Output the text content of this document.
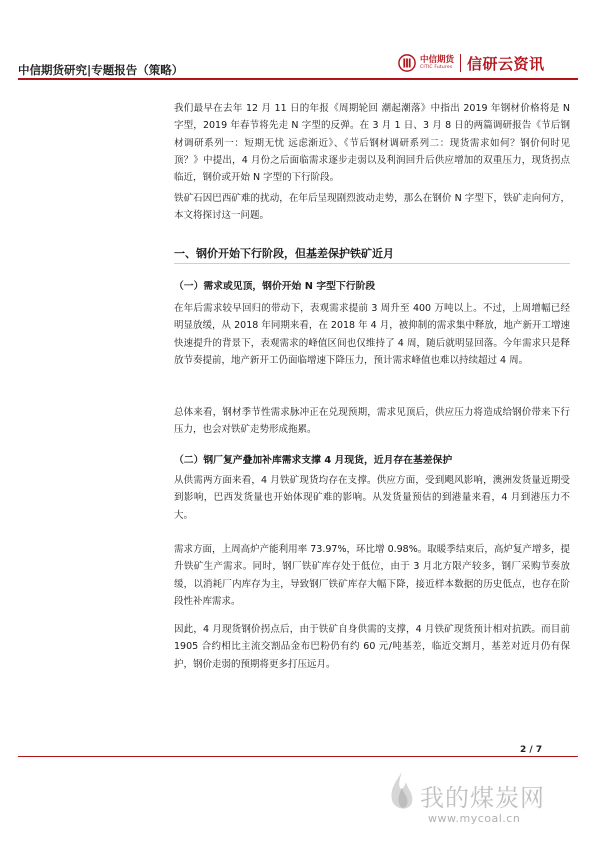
中信期货研究|专题报告（策略）
中信期货
CITIC Futures 信研云资讯

我们最早在去年 12 月 11 日的年报《周期轮回 潮起潮落》中指出 2019 年钢材价格将是 N 字型，2019 年春节将先走 N 字型的反弹。在 3 月 1 日、3 月 8 日的两篇调研报告《节后钢材调研系列一：短期无忧 远虑渐近》、《节后钢材调研系列二：现货需求如何？钢价何时见顶？》中提出，4 月份之后面临需求逐步走弱以及利润回升后供应增加的双重压力，现货拐点临近，钢价或开始 N 字型的下行阶段。

铁矿石因巴西矿难的扰动，在年后呈现剧烈波动走势，那么在钢价 N 字型下，铁矿走向何方，本文将探讨这一问题。

一、钢价开始下行阶段，但基差保护铁矿近月
（一）需求或见顶，钢价开始 N 字型下行阶段

在年后需求较早回归的带动下，表观需求提前 3 周升至 400 万吨以上。不过，上周增幅已经明显放缓，从 2018 年同期来看，在 2018 年 4 月，被抑制的需求集中释放，地产新开工增速快速提升的背景下，表观需求的峰值区间也仅维持了 4 周，随后就明显回落。今年需求只是释放节奏提前，地产新开工仍面临增速下降压力，预计需求峰值也难以持续超过 4 周。

总体来看，钢材季节性需求脉冲正在兑现预期，需求见顶后，供应压力将造成给钢价带来下行压力，也会对铁矿走势形成拖累。

（二）钢厂复产叠加补库需求支撑 4 月现货，近月存在基差保护

从供需两方面来看，4 月铁矿现货均存在支撑。供应方面，受到飓风影响，澳洲发货量近期受到影响，巴西发货量也开始体现矿难的影响。从发货量预估的到港量来看，4 月到港压力不大。

需求方面，上周高炉产能利用率 73.97%，环比增 0.98%。取暖季结束后，高炉复产增多，提升铁矿生产需求。同时，钢厂铁矿库存处于低位，由于 3 月北方限产较多，钢厂采购节奏放缓，以消耗厂内库存为主，导致钢厂铁矿库存大幅下降，接近样本数据的历史低点，也存在阶段性补库需求。

因此，4 月现货钢价拐点后，由于铁矿自身供需的支撑，4 月铁矿现货预计相对抗跌。而目前 1905 合约相比主流交割品金布巴粉仍有约 60 元/吨基差，临近交割月，基差对近月仍有保护，钢价走弱的预期将更多打压远月。

2 / 7
我的煤炭网
www.mycoal.cn
